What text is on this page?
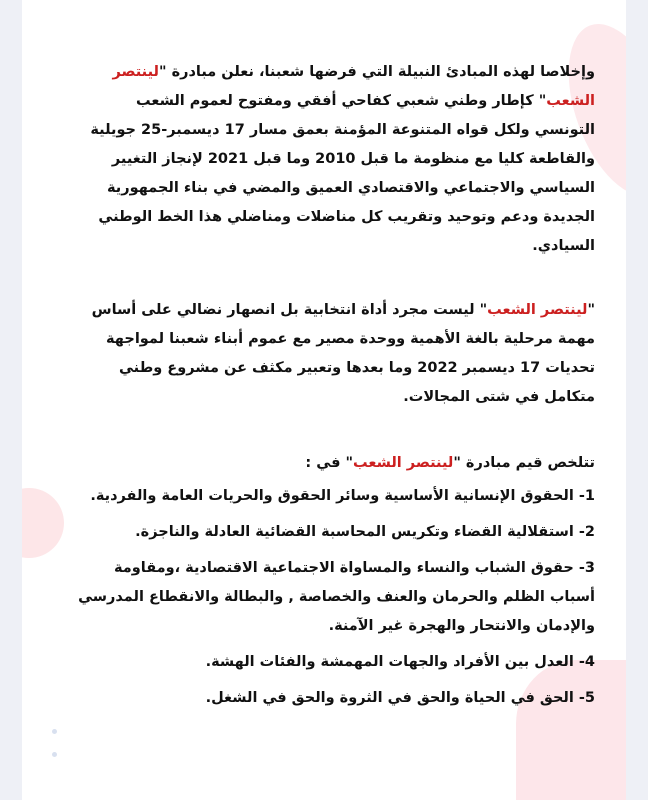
وإخلاصا لهذه المبادئ النبيلة التي فرضها شعبنا، نعلن مبادرة "لينتصر الشعب" كإطار وطني شعبي كفاحي أفقي ومفتوح لعموم الشعب التونسي ولكل قواه المتنوعة المؤمنة بعمق مسار 17 ديسمبر-25 جويلية والقاطعة كليا مع منظومة ما قبل 2010 وما قبل 2021 لإنجاز التغيير السياسي والاجتماعي والاقتصادي العميق والمضي في بناء الجمهورية الجديدة ودعم وتوحيد وتقريب كل مناضلات ومناضلي هذا الخط الوطني السيادي.

"لينتصر الشعب" ليست مجرد أداة انتخابية بل انصهار نضالي على أساس مهمة مرحلية بالغة الأهمية ووحدة مصير مع عموم أبناء شعبنا لمواجهة تحديات 17 ديسمبر 2022 وما بعدها وتعبير مكثف عن مشروع وطني متكامل في شتى المجالات.

تتلخص قيم مبادرة "لينتصر الشعب" في :

1- الحقوق الإنسانية الأساسية وسائر الحقوق والحريات العامة والفردية.

2- استقلالية القضاء وتكريس المحاسبة القضائية العادلة والناجزة.

3- حقوق الشباب والنساء والمساواة الاجتماعية الاقتصادية ،ومقاومة أسباب الظلم والحرمان والعنف والخصاصة , والبطالة والانقطاع المدرسي والإدمان والانتحار والهجرة غير الآمنة.

4- العدل بين الأفراد والجهات المهمشة والفئات الهشة.

5- الحق في الحياة والحق في الثروة والحق في الشغل.
